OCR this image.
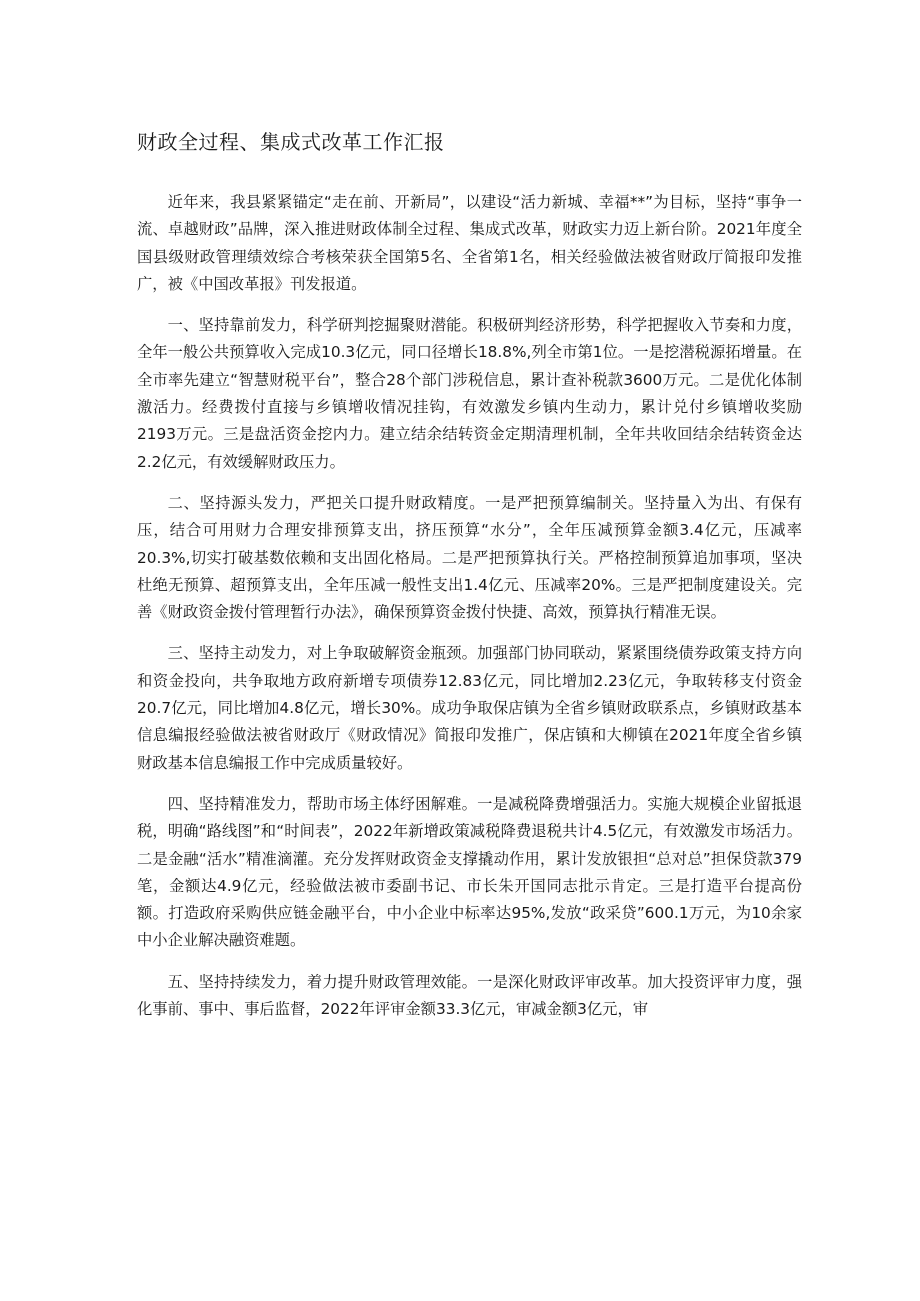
财政全过程、集成式改革工作汇报

近年来，我县紧紧锚定“走在前、开新局”，以建设“活力新城、幸福**”为目标，坚持“事争一流、卓越财政”品牌，深入推进财政体制全过程、集成式改革，财政实力迈上新台阶。2021年度全国县级财政管理绩效综合考核荣获全国第5名、全省第1名，相关经验做法被省财政厅简报印发推广，被《中国改革报》刊发报道。

一、坚持靠前发力，科学研判挖掘聚财潜能。积极研判经济形势，科学把握收入节奏和力度，全年一般公共预算收入完成10.3亿元，同口径增长18.8%,列全市第1位。一是挖潜税源拓增量。在全市率先建立“智慧财税平台”，整合28个部门涉税信息，累计查补税款3600万元。二是优化体制激活力。经费拨付直接与乡镇增收情况挂钩，有效激发乡镇内生动力，累计兑付乡镇增收奖励2193万元。三是盘活资金挖内力。建立结余结转资金定期清理机制，全年共收回结余结转资金达2.2亿元，有效缓解财政压力。

二、坚持源头发力，严把关口提升财政精度。一是严把预算编制关。坚持量入为出、有保有压，结合可用财力合理安排预算支出，挤压预算“水分”，全年压减预算金额3.4亿元，压减率20.3%,切实打破基数依赖和支出固化格局。二是严把预算执行关。严格控制预算追加事项，坚决杜绝无预算、超预算支出，全年压减一般性支出1.4亿元、压减率20%。三是严把制度建设关。完善《财政资金拨付管理暂行办法》，确保预算资金拨付快捷、高效，预算执行精准无误。

三、坚持主动发力，对上争取破解资金瓶颈。加强部门协同联动，紧紧围绕债券政策支持方向和资金投向，共争取地方政府新增专项债券12.83亿元，同比增加2.23亿元，争取转移支付资金20.7亿元，同比增加4.8亿元，增长30%。成功争取保店镇为全省乡镇财政联系点，乡镇财政基本信息编报经验做法被省财政厅《财政情况》简报印发推广，保店镇和大柳镇在2021年度全省乡镇财政基本信息编报工作中完成质量较好。

四、坚持精准发力，帮助市场主体纾困解难。一是减税降费增强活力。实施大规模企业留抵退税，明确“路线图”和“时间表”，2022年新增政策减税降费退税共计4.5亿元，有效激发市场活力。二是金融“活水”精准滴灌。充分发挥财政资金支撑撬动作用，累计发放银担“总对总”担保贷款379笔，金额达4.9亿元，经验做法被市委副书记、市长朱开国同志批示肯定。三是打造平台提高份额。打造政府采购供应链金融平台，中小企业中标率达95%,发放“政采贷”600.1万元，为10余家中小企业解决融资难题。

五、坚持持续发力，着力提升财政管理效能。一是深化财政评审改革。加大投资评审力度，强化事前、事中、事后监督，2022年评审金额33.3亿元，审减金额3亿元，审
